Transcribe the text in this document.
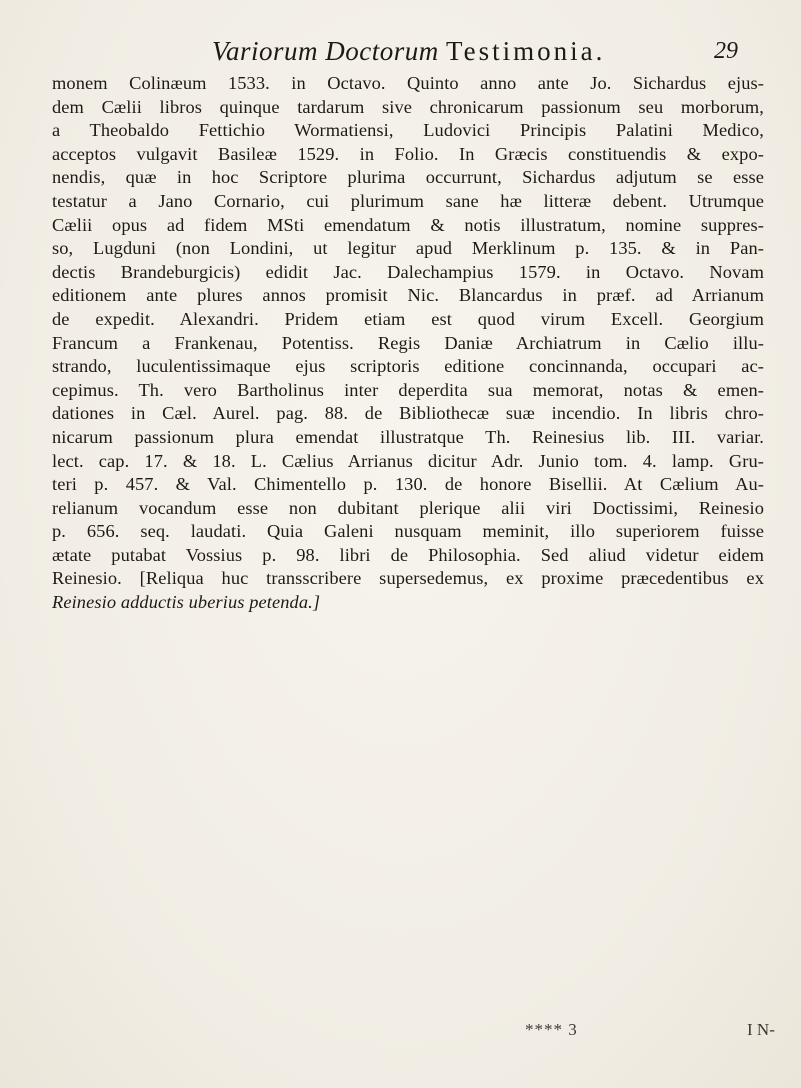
Variorum Doctorum Testimonia.	29
monem Colinæum 1533. in Octavo. Quinto anno ante Jo. Sichardus ejus-
dem Cælii libros quinque tardarum sive chronicarum passionum seu morborum,
a Theobaldo Fettichio Wormatiensi, Ludovici Principis Palatini Medico,
acceptos vulgavit Basileæ 1529. in Folio. In Græcis constituendis & expo-
nendis, quæ in hoc Scriptore plurima occurrunt, Sichardus adjutum se esse
testatur a Jano Cornario, cui plurimum sane hæ litteræ debent. Utrumque
Cælii opus ad fidem MSti emendatum & notis illustratum, nomine suppres-
so, Lugduni (non Londini, ut legitur apud Merklinum p. 135. & in Pan-
dectis Brandeburgicis) edidit Jac. Dalechampius 1579. in Octavo. Novam
editionem ante plures annos promisit Nic. Blancardus in præf. ad Arrianum
de expedit. Alexandri. Pridem etiam est quod virum Excell. Georgium
Francum a Frankenau, Potentiss. Regis Daniæ Archiatrum in Cælio illu-
strando, luculentissimaque ejus scriptoris editione concinnanda, occupari ac-
cepimus. Th. vero Bartholinus inter deperdita sua memorat, notas & emen-
dationes in Cæl. Aurel. pag. 88. de Bibliothecæ suæ incendio. In libris chro-
nicarum passionum plura emendat illustratque Th. Reinesius lib. III. variar.
lect. cap. 17. & 18. L. Cælius Arrianus dicitur Adr. Junio tom. 4. lamp. Gru-
teri p. 457. & Val. Chimentello p. 130. de honore Bisellii. At Cælium Au-
relianum vocandum esse non dubitant plerique alii viri Doctissimi, Reinesio
p. 656. seq. laudati. Quia Galeni nusquam meminit, illo superiorem fuisse
ætate putabat Vossius p. 98. libri de Philosophia. Sed aliud videtur eidem
Reinesio. [Reliqua huc transscribere supersedemus, ex proxime præcedentibus ex
Reinesio adductis uberius petenda.]
**** 3	I N-
